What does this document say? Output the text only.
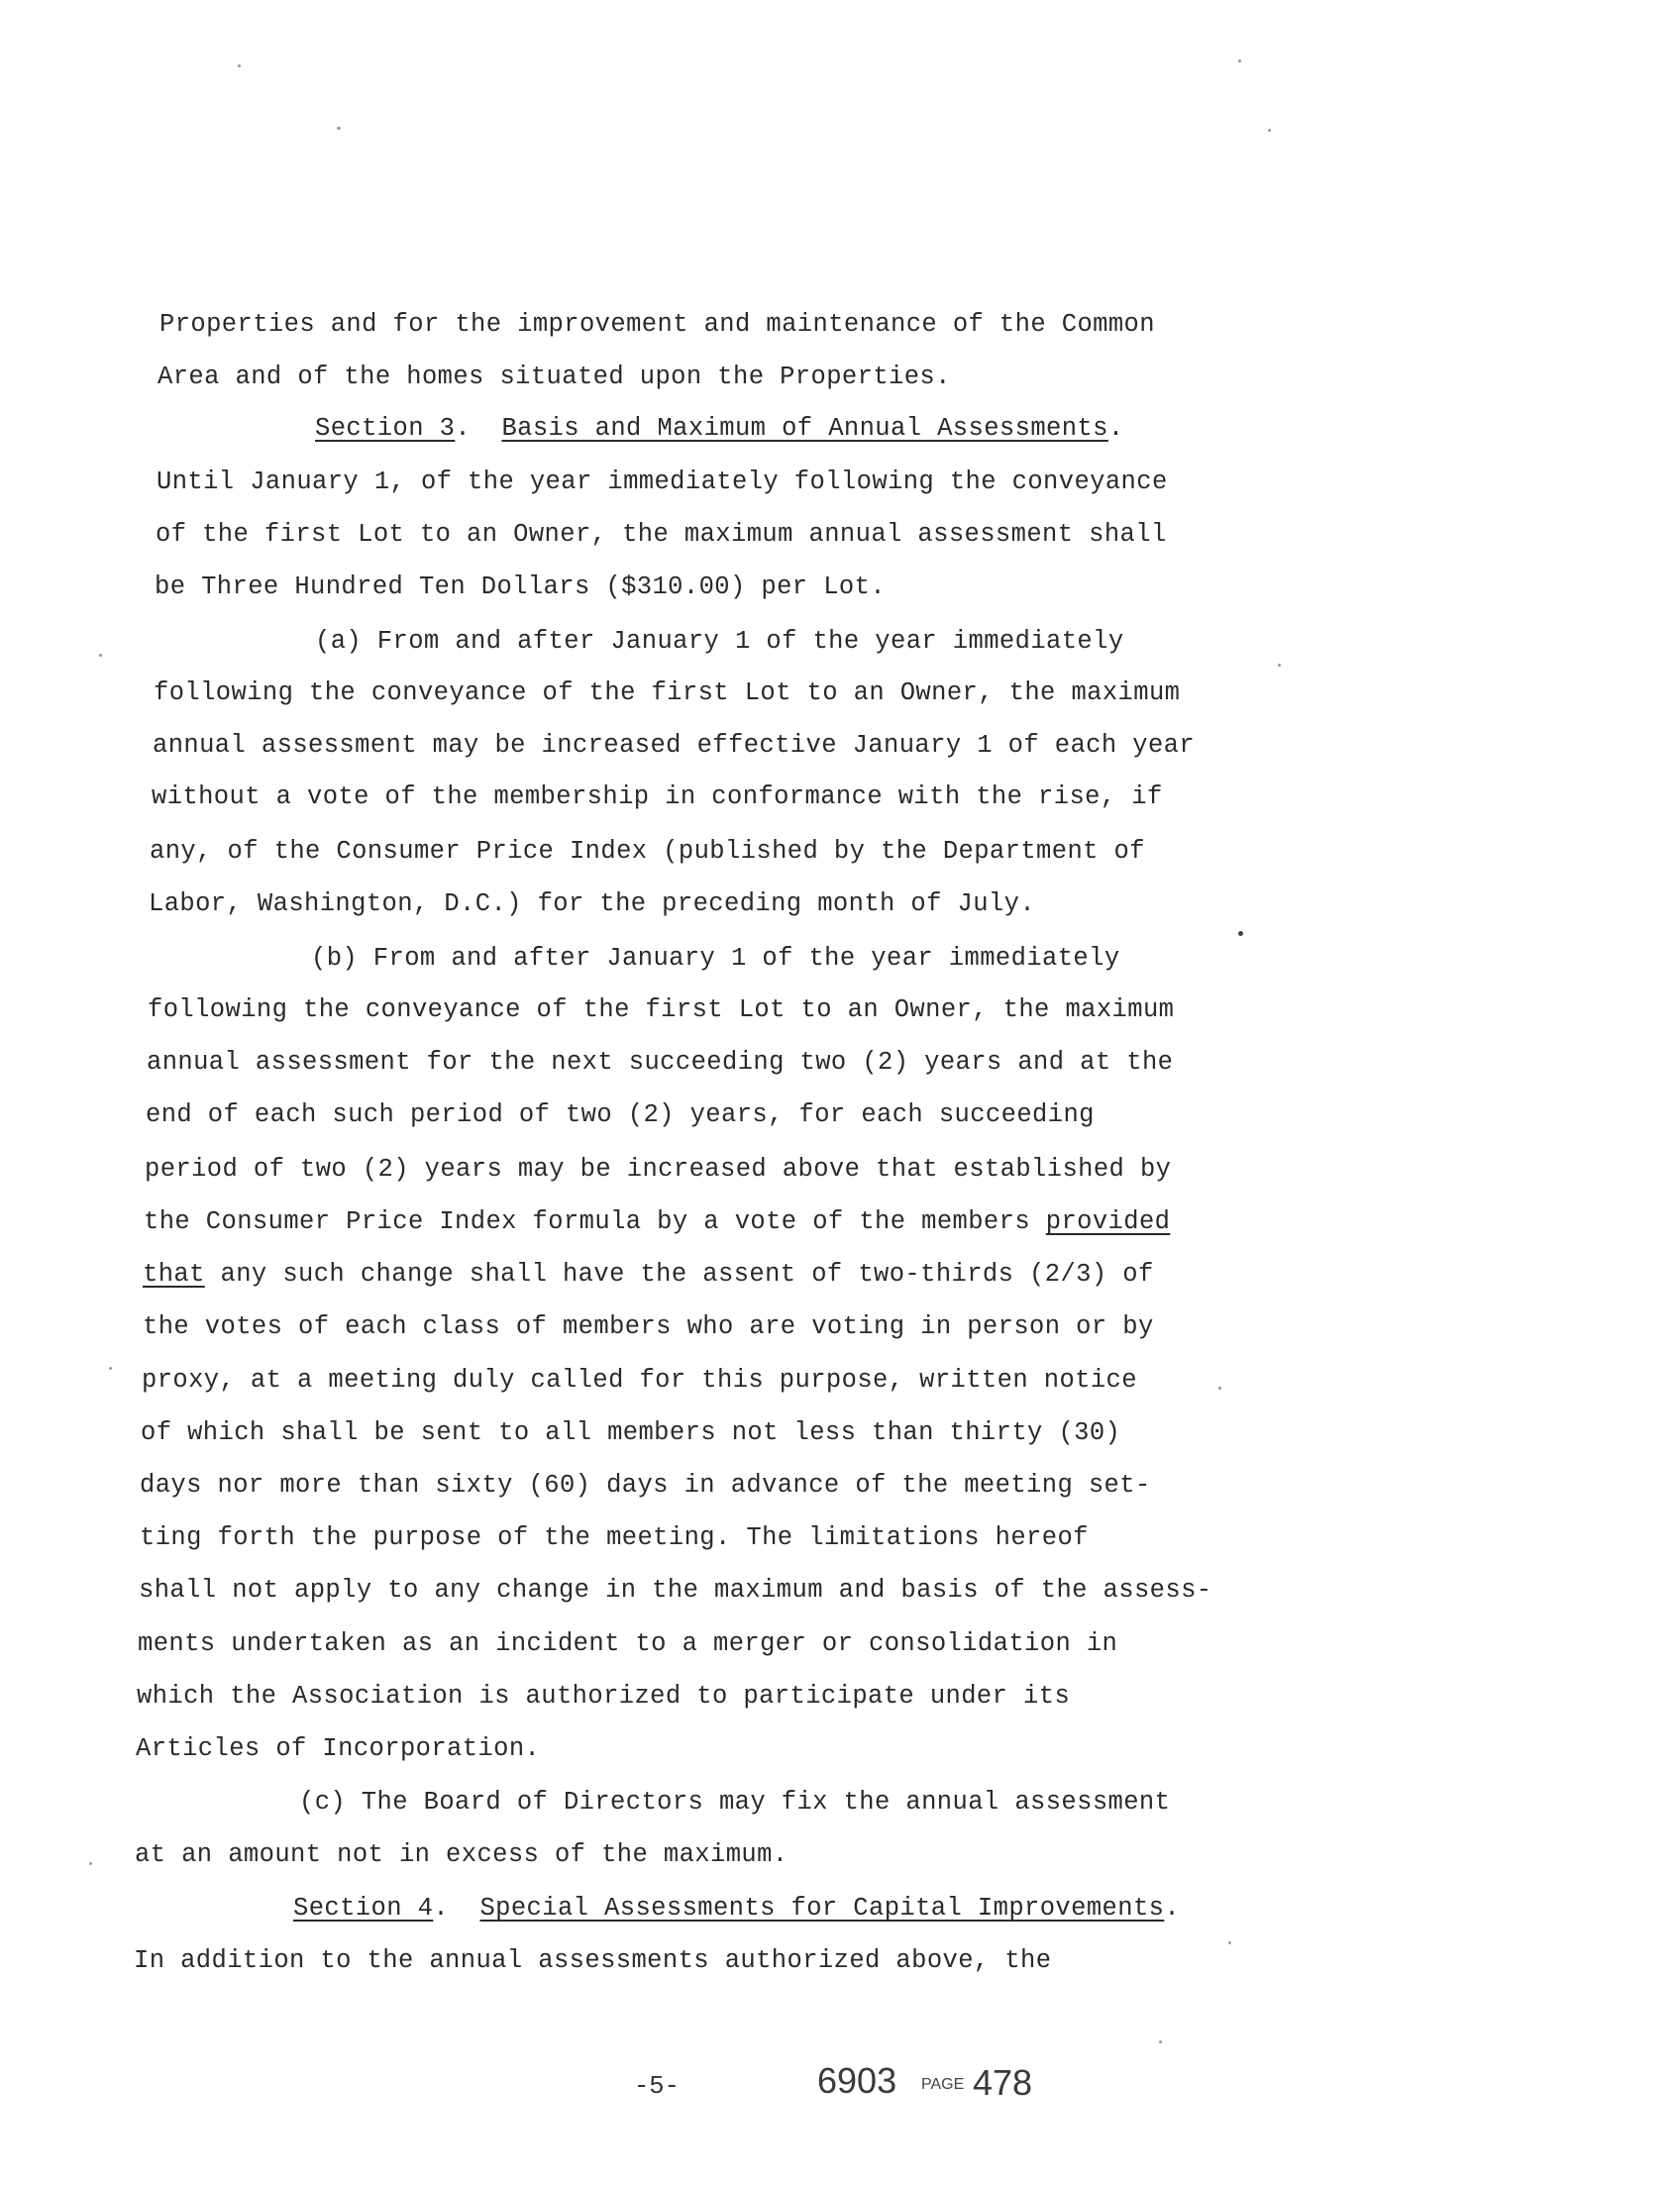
Properties and for the improvement and maintenance of the Common
Area and of the homes situated upon the Properties.
Section 3.  Basis and Maximum of Annual Assessments.
Until January 1, of the year immediately following the conveyance
of the first Lot to an Owner, the maximum annual assessment shall
be Three Hundred Ten Dollars ($310.00) per Lot.
(a) From and after January 1 of the year immediately
following the conveyance of the first Lot to an Owner, the maximum
annual assessment may be increased effective January 1 of each year
without a vote of the membership in conformance with the rise, if
any, of the Consumer Price Index (published by the Department of
Labor, Washington, D.C.) for the preceding month of July.
(b) From and after January 1 of the year immediately
following the conveyance of the first Lot to an Owner, the maximum
annual assessment for the next succeeding two (2) years and at the
end of each such period of two (2) years, for each succeeding
period of two (2) years may be increased above that established by
the Consumer Price Index formula by a vote of the members provided
that any such change shall have the assent of two-thirds (2/3) of
the votes of each class of members who are voting in person or by
proxy, at a meeting duly called for this purpose, written notice
of which shall be sent to all members not less than thirty (30)
days nor more than sixty (60) days in advance of the meeting set-
ting forth the purpose of the meeting. The limitations hereof
shall not apply to any change in the maximum and basis of the assess-
ments undertaken as an incident to a merger or consolidation in
which the Association is authorized to participate under its
Articles of Incorporation.
(c) The Board of Directors may fix the annual assessment
at an amount not in excess of the maximum.
Section 4.  Special Assessments for Capital Improvements.
In addition to the annual assessments authorized above, the
-5-	6903 PAGE 478
